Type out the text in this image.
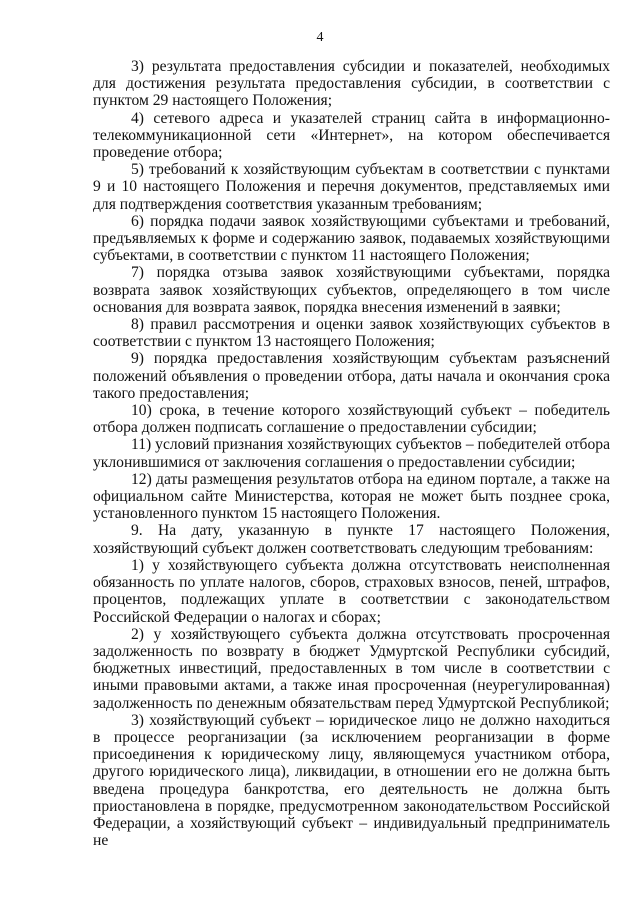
4

3) результата предоставления субсидии и показателей, необходимых для достижения результата предоставления субсидии, в соответствии с пунктом 29 настоящего Положения;

4) сетевого адреса и указателей страниц сайта в информационно-телекоммуникационной сети «Интернет», на котором обеспечивается проведение отбора;

5) требований к хозяйствующим субъектам в соответствии с пунктами 9 и 10 настоящего Положения и перечня документов, представляемых ими для подтверждения соответствия указанным требованиям;

6) порядка подачи заявок хозяйствующими субъектами и требований, предъявляемых к форме и содержанию заявок, подаваемых хозяйствующими субъектами, в соответствии с пунктом 11 настоящего Положения;

7) порядка отзыва заявок хозяйствующими субъектами, порядка возврата заявок хозяйствующих субъектов, определяющего в том числе основания для возврата заявок, порядка внесения изменений в заявки;

8) правил рассмотрения и оценки заявок хозяйствующих субъектов в соответствии с пунктом 13 настоящего Положения;

9) порядка предоставления хозяйствующим субъектам разъяснений положений объявления о проведении отбора, даты начала и окончания срока такого предоставления;

10) срока, в течение которого хозяйствующий субъект – победитель отбора должен подписать соглашение о предоставлении субсидии;

11) условий признания хозяйствующих субъектов – победителей отбора уклонившимися от заключения соглашения о предоставлении субсидии;

12) даты размещения результатов отбора на едином портале, а также на официальном сайте Министерства, которая не может быть позднее срока, установленного пунктом 15 настоящего Положения.

9. На дату, указанную в пункте 17 настоящего Положения, хозяйствующий субъект должен соответствовать следующим требованиям:

1) у хозяйствующего субъекта должна отсутствовать неисполненная обязанность по уплате налогов, сборов, страховых взносов, пеней, штрафов, процентов, подлежащих уплате в соответствии с законодательством Российской Федерации о налогах и сборах;

2) у хозяйствующего субъекта должна отсутствовать просроченная задолженность по возврату в бюджет Удмуртской Республики субсидий, бюджетных инвестиций, предоставленных в том числе в соответствии с иными правовыми актами, а также иная просроченная (неурегулированная) задолженность по денежным обязательствам перед Удмуртской Республикой;

3) хозяйствующий субъект – юридическое лицо не должно находиться в процессе реорганизации (за исключением реорганизации в форме присоединения к юридическому лицу, являющемуся участником отбора, другого юридического лица), ликвидации, в отношении его не должна быть введена процедура банкротства, его деятельность не должна быть приостановлена в порядке, предусмотренном законодательством Российской Федерации, а хозяйствующий субъект – индивидуальный предприниматель не
